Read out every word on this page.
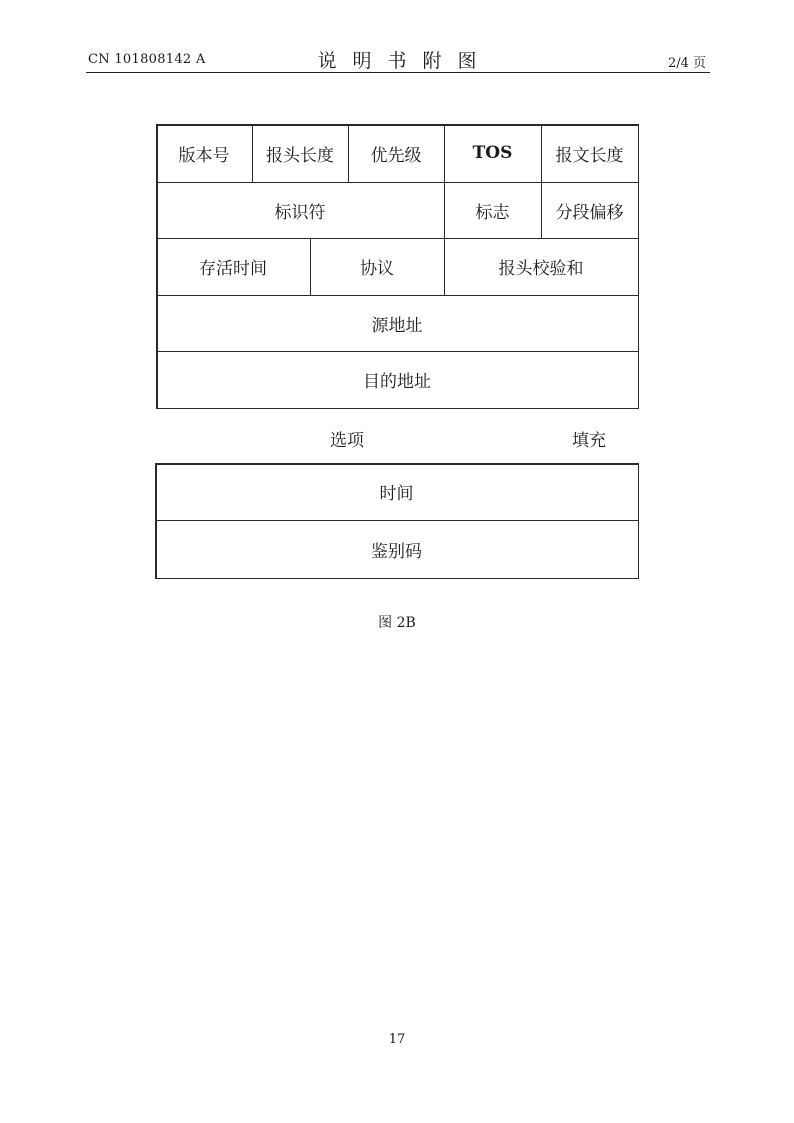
CN 101808142 A	说明书附图	2/4 页
版本号	报头长度	优先级	TOS	报文长度
标识符	标志	分段偏移
存活时间	协议	报头校验和
源地址
目的地址
选项	填充
时间
鉴别码
图 2B
17
